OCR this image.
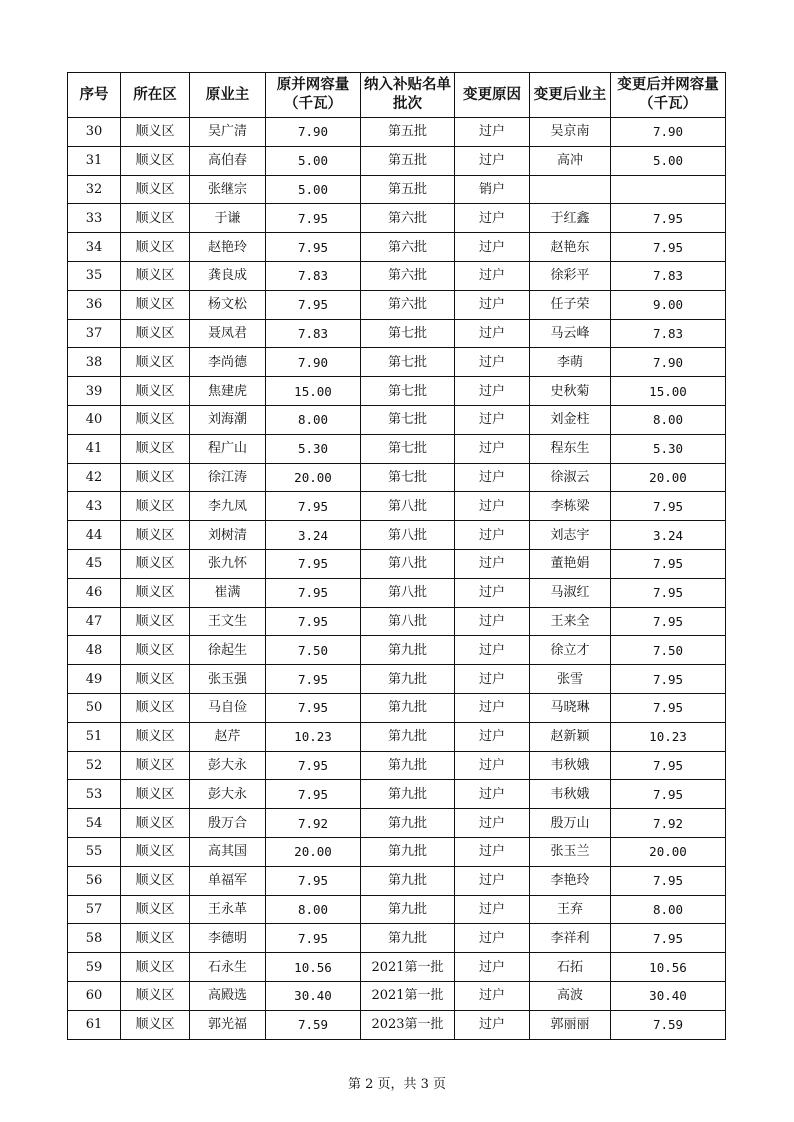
序号	所在区	原业主	原并网容量（千瓦）	纳入补贴名单批次	变更原因	变更后业主	变更后并网容量（千瓦）
30	顺义区	吴广清	7.90	第五批	过户	吴京南	7.90
31	顺义区	高伯春	5.00	第五批	过户	高冲	5.00
32	顺义区	张继宗	5.00	第五批	销户		
33	顺义区	于谦	7.95	第六批	过户	于红鑫	7.95
34	顺义区	赵艳玲	7.95	第六批	过户	赵艳东	7.95
35	顺义区	龚良成	7.83	第六批	过户	徐彩平	7.83
36	顺义区	杨文松	7.95	第六批	过户	任子荣	9.00
37	顺义区	聂凤君	7.83	第七批	过户	马云峰	7.83
38	顺义区	李尚德	7.90	第七批	过户	李萌	7.90
39	顺义区	焦建虎	15.00	第七批	过户	史秋菊	15.00
40	顺义区	刘海潮	8.00	第七批	过户	刘金柱	8.00
41	顺义区	程广山	5.30	第七批	过户	程东生	5.30
42	顺义区	徐江涛	20.00	第七批	过户	徐淑云	20.00
43	顺义区	李九凤	7.95	第八批	过户	李栋梁	7.95
44	顺义区	刘树清	3.24	第八批	过户	刘志宇	3.24
45	顺义区	张九怀	7.95	第八批	过户	董艳娟	7.95
46	顺义区	崔满	7.95	第八批	过户	马淑红	7.95
47	顺义区	王文生	7.95	第八批	过户	王来全	7.95
48	顺义区	徐起生	7.50	第九批	过户	徐立才	7.50
49	顺义区	张玉强	7.95	第九批	过户	张雪	7.95
50	顺义区	马自俭	7.95	第九批	过户	马晓琳	7.95
51	顺义区	赵芹	10.23	第九批	过户	赵新颖	10.23
52	顺义区	彭大永	7.95	第九批	过户	韦秋娥	7.95
53	顺义区	彭大永	7.95	第九批	过户	韦秋娥	7.95
54	顺义区	殷万合	7.92	第九批	过户	殷万山	7.92
55	顺义区	高其国	20.00	第九批	过户	张玉兰	20.00
56	顺义区	单福军	7.95	第九批	过户	李艳玲	7.95
57	顺义区	王永革	8.00	第九批	过户	王弃	8.00
58	顺义区	李德明	7.95	第九批	过户	李祥利	7.95
59	顺义区	石永生	10.56	2021第一批	过户	石拓	10.56
60	顺义区	高殿选	30.40	2021第一批	过户	高波	30.40
61	顺义区	郭光福	7.59	2023第一批	过户	郭丽丽	7.59
第 2 页，共 3 页
